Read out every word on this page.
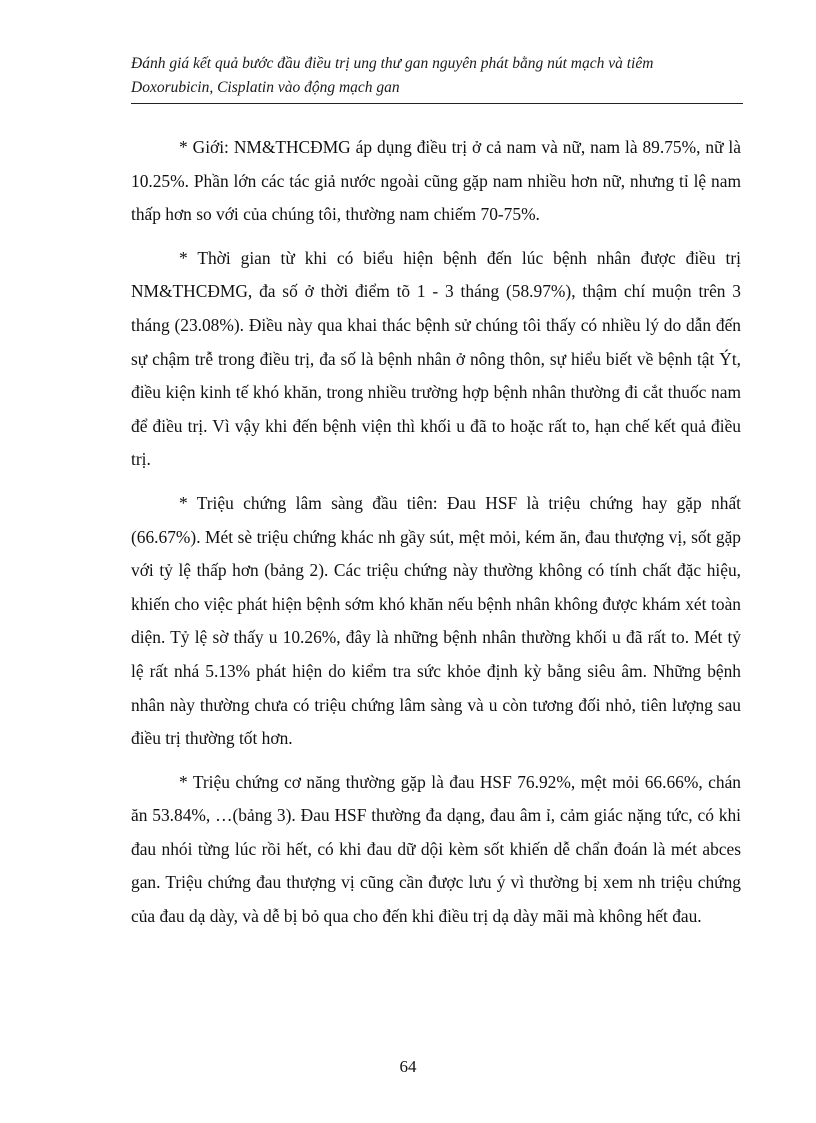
Đánh giá kết quả bước đầu điều trị ung thư gan nguyên phát bằng nút mạch và tiêm
Doxorubicin, Cisplatin vào động mạch gan

* Giới: NM&THCĐMG áp dụng điều trị ở cả nam và nữ, nam là 89.75%, nữ là 10.25%. Phần lớn các tác giả nước ngoài cũng gặp nam nhiều hơn nữ, nhưng tỉ lệ nam thấp hơn so với của chúng tôi, thường nam chiếm 70-75%.

* Thời gian từ khi có biểu hiện bệnh đến lúc bệnh nhân được điều trị NM&THCĐMG, đa số ở thời điểm tõ 1 - 3 tháng (58.97%), thậm chí muộn trên 3 tháng (23.08%). Điều này qua khai thác bệnh sử chúng tôi thấy có nhiều lý do dẫn đến sự chậm trễ trong điều trị, đa số là bệnh nhân ở nông thôn, sự hiểu biết về bệnh tật Ýt, điều kiện kinh tế khó khăn, trong nhiều trường hợp bệnh nhân thường đi cắt thuốc nam để điều trị. Vì vậy khi đến bệnh viện thì khối u đã to hoặc rất to, hạn chế kết quả điều trị.

* Triệu chứng lâm sàng đầu tiên: Đau HSF là triệu chứng hay gặp nhất (66.67%). Mét sè triệu chứng khác nh gầy sút, mệt mỏi, kém ăn, đau thượng vị, sốt gặp với tỷ lệ thấp hơn (bảng 2). Các triệu chứng này thường không có tính chất đặc hiệu, khiến cho việc phát hiện bệnh sớm khó khăn nếu bệnh nhân không được khám xét toàn diện. Tỷ lệ sờ thấy u 10.26%, đây là những bệnh nhân thường khối u đã rất to. Mét tỷ lệ rất nhá 5.13% phát hiện do kiểm tra sức khỏe định kỳ bằng siêu âm. Những bệnh nhân này thường chưa có triệu chứng lâm sàng và u còn tương đối nhỏ, tiên lượng sau điều trị thường tốt hơn.

* Triệu chứng cơ năng thường gặp là đau HSF 76.92%, mệt mỏi 66.66%, chán ăn 53.84%, …(bảng 3). Đau HSF thường đa dạng, đau âm ỉ, cảm giác nặng tức, có khi đau nhói từng lúc rồi hết, có khi đau dữ dội kèm sốt khiến dễ chẩn đoán là mét abces gan. Triệu chứng đau thượng vị cũng cần được lưu ý vì thường bị xem nh triệu chứng của đau dạ dày, và dễ bị bỏ qua cho đến khi điều trị dạ dày mãi mà không hết đau.

64
